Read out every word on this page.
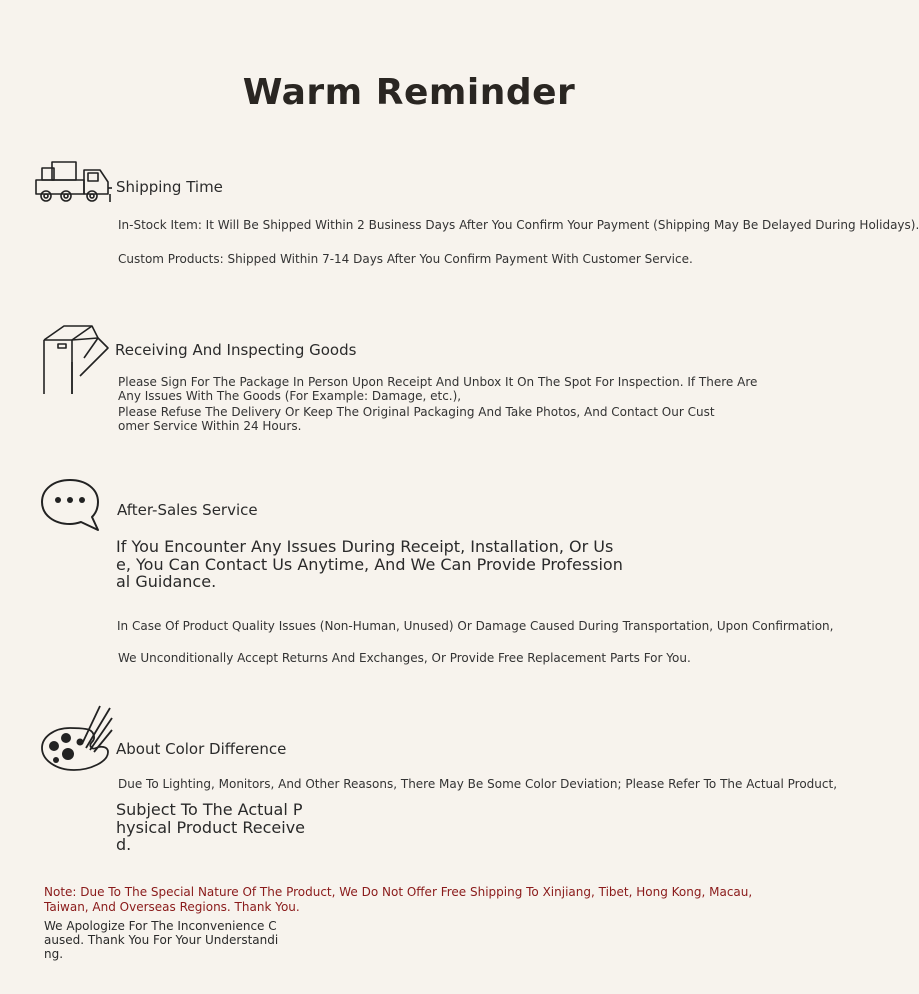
Warm Reminder
Shipping Time
In-Stock Item: It Will Be Shipped Within 2 Business Days After You Confirm Your Payment (Shipping May Be Delayed During Holidays).
Custom Products: Shipped Within 7-14 Days After You Confirm Payment With Customer Service.
Receiving And Inspecting Goods
Please Sign For The Package In Person Upon Receipt And Unbox It On The Spot For Inspection. If There Are Any Issues With The Goods (For Example: Damage, etc.),
Please Refuse The Delivery Or Keep The Original Packaging And Take Photos, And Contact Our Customer Service Within 24 Hours.
After-Sales Service
If You Encounter Any Issues During Receipt, Installation, Or Use, You Can Contact Us Anytime, And We Can Provide Professional Guidance.
In Case Of Product Quality Issues (Non-Human, Unused) Or Damage Caused During Transportation, Upon Confirmation,
We Unconditionally Accept Returns And Exchanges, Or Provide Free Replacement Parts For You.
About Color Difference
Due To Lighting, Monitors, And Other Reasons, There May Be Some Color Deviation; Please Refer To The Actual Product,
Subject To The Actual Physical Product Received.
Note: Due To The Special Nature Of The Product, We Do Not Offer Free Shipping To Xinjiang, Tibet, Hong Kong, Macau, Taiwan, And Overseas Regions. Thank You.
We Apologize For The Inconvenience Caused. Thank You For Your Understanding.
